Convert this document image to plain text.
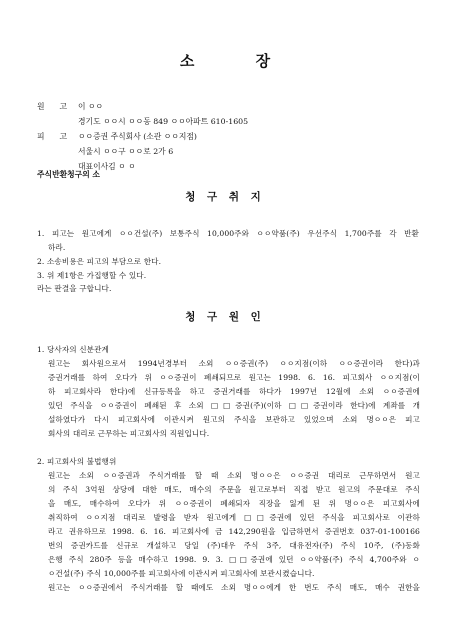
소 장
원고
이 ㅇㅇ
경기도 ㅇㅇ시 ㅇㅇ동 849 ㅇㅇ아파트 610-1605
피고
ㅇㅇ증권 주식회사 (소관 ㅇㅇ지점)
서울시 ㅇㅇ구 ㅇㅇ로 2가 6
대표이사김 ㅇ ㅇ
주식반환청구의 소
청 구 취 지
1. 피고는 원고에게 ㅇㅇ건설(주) 보통주식 10,000주와 ㅇㅇ약품(주) 우선주식 1,700주를 각 반환
하라.
2. 소송비용은 피고의 부담으로 한다.
3. 위 제1항은 가집행할 수 있다.
라는 판결을 구합니다.
청 구 원 인
1. 당사자의 신분관계
원고는 회사원으로서 1994년경부터 소외 ㅇㅇ증권(주) ㅇㅇ지점(이하 ㅇㅇ증권이라 한다)과
증권거래를 하여 오다가 위 ㅇㅇ증권이 폐쇄되므로 원고는 1998. 6. 16. 피고회사 ㅇㅇ지점(이
하 피고회사라 한다)에 신규등록을 하고 증권거래를 하다가 1997년 12월에 소외 ㅇㅇ증권에
있던 주식을 ㅇㅇ증권이 폐쇄된 후 소외 □□증권(주)(이하 □□증권이라 한다)에 계좌를 개
설하였다가 다시 피고회사에 이관시켜 원고의 주식을 보관하고 있었으며 소외 명ㅇㅇ은 피고
회사의 대리로 근무하는 피고회사의 직원입니다.
2. 피고회사의 불법행위
원고는 소외 ㅇㅇ증권과 주식거래를 할 때 소외 명ㅇㅇ은 ㅇㅇ증권 대리로 근무하면서 원고
의 주식 3억원 상당에 대한 매도, 매수의 주문을 원고로부터 직접 받고 원고의 주문대로 주식
을 매도, 매수하여 오다가 위 ㅇㅇ증권이 폐쇄되자 직장을 잃게 된 위 명ㅇㅇ은 피고회사에
취직하여 ㅇㅇ지점 대리로 발령을 받자 원고에게 □□증권에 있던 주식을 피고회사로 이관하
라고 권유하므로 1998. 6. 16. 피고회사에 금 142,290원을 입금하면서 증권번호 037-01-100166
번의 증권카드를 신규로 개설하고 당일 (주)대우 주식 3주, 대유전자(주) 주식 10주, (주)동화
은행 주식 280주 등을 매수하고 1998. 9. 3. □□증권에 있던 ㅇㅇ약품(주) 주식 4,700주와 ㅇ
ㅇ건설(주) 주식 10,000주를 피고회사에 이관시켜 피고회사에 보관시켰습니다.
원고는 ㅇㅇ증권에서 주식거래를 할 때에도 소외 명ㅇㅇ에게 한 번도 주식 매도, 매수 권한을
